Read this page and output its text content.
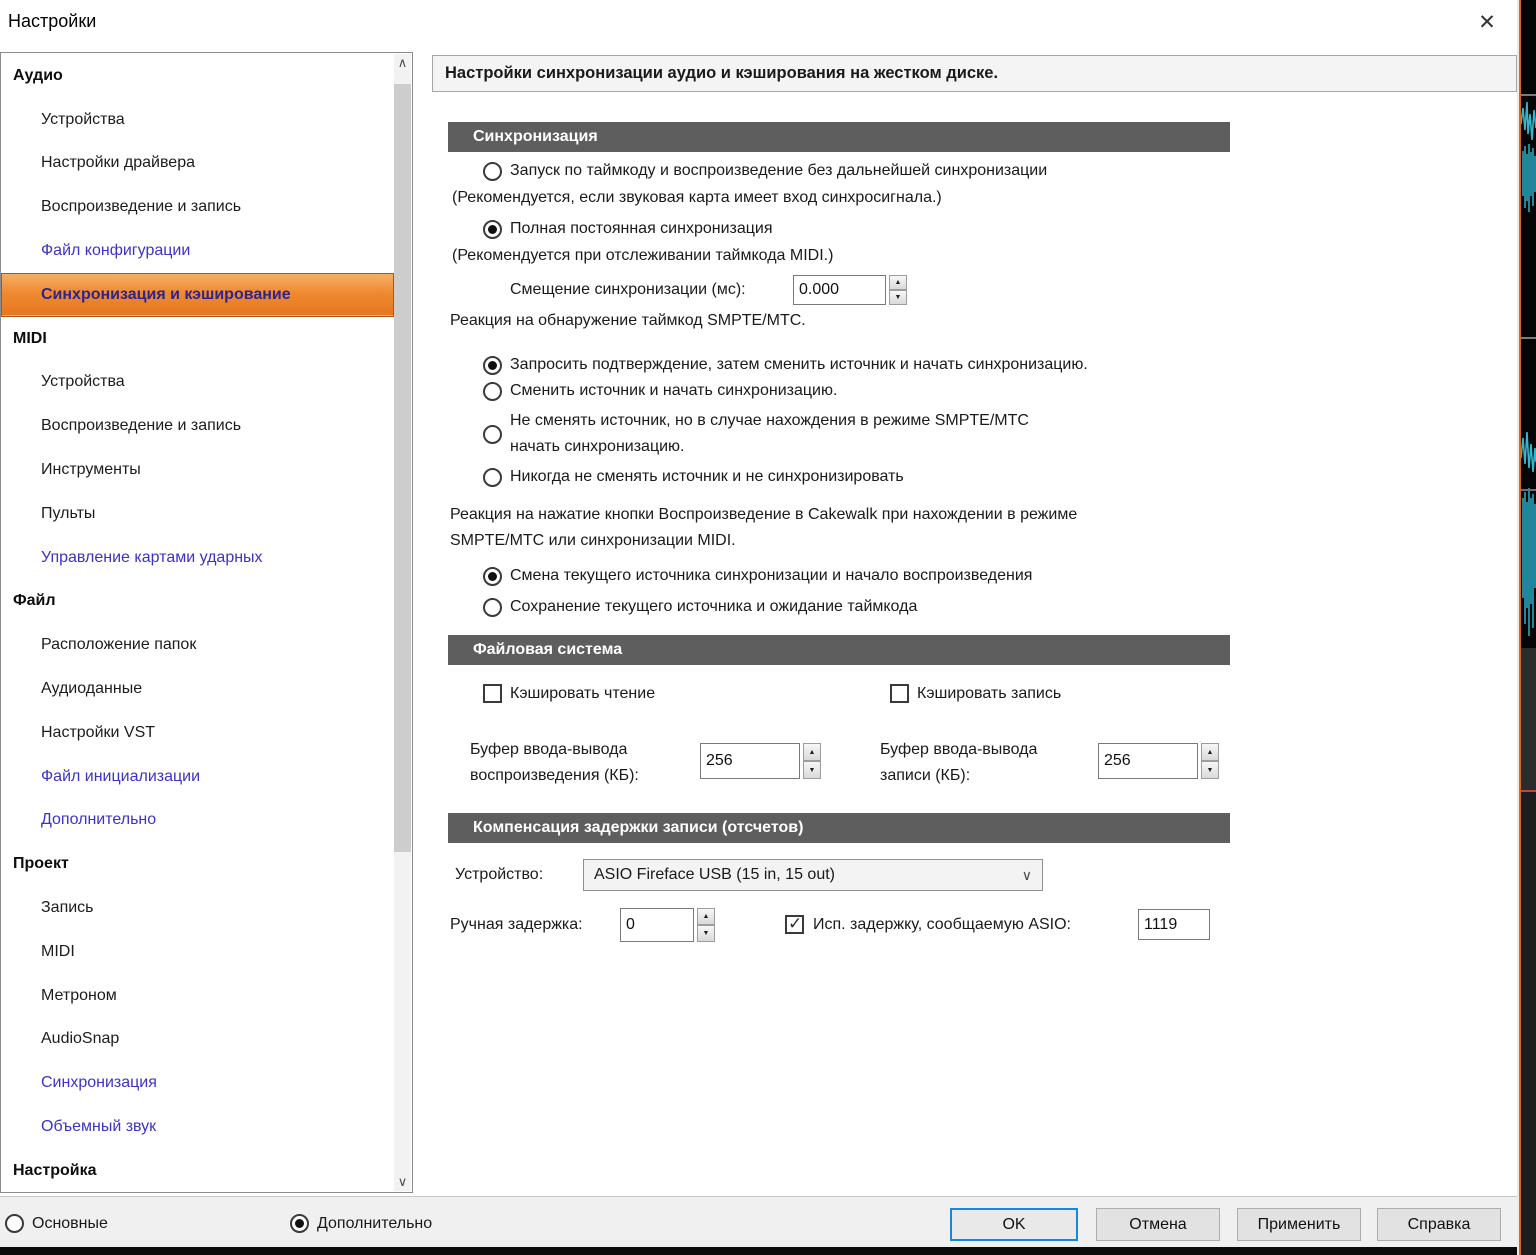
Настройки	✕
Аудио
Устройства
Настройки драйвера
Воспроизведение и запись
Файл конфигурации
Синхронизация и кэширование
MIDI
Устройства
Воспроизведение и запись
Инструменты
Пульты
Управление картами ударных
Файл
Расположение папок
Аудиоданные
Настройки VST
Файл инициализации
Дополнительно
Проект
Запись
MIDI
Метроном
AudioSnap
Синхронизация
Объемный звук
Настройка
∧
∨
Настройки синхронизации аудио и кэширования на жестком диске.
Синхронизация
Запуск по таймкоду и воспроизведение без дальнейшей синхронизации
(Рекомендуется, если звуковая карта имеет вход синхросигнала.)
Полная постоянная синхронизация
(Рекомендуется при отслеживании таймкода MIDI.)
Смещение синхронизации (мс):
0.000	▲
▼
Реакция на обнаружение таймкод SMPTE/MTC.
Запросить подтверждение, затем сменить источник и начать синхронизацию.
Сменить источник и начать синхронизацию.
Не сменять источник, но в случае нахождения в режиме SMPTE/MTC начать синхронизацию.
Никогда не сменять источник и не синхронизировать
Реакция на нажатие кнопки Воспроизведение в Cakewalk при нахождении в режиме SMPTE/MTC или синхронизации MIDI.
Смена текущего источника синхронизации и начало воспроизведения
Сохранение текущего источника и ожидание таймкода
Файловая система
Кэшировать чтение	Кэшировать запись
Буфер ввода-вывода воспроизведения (КБ):
256
▲
▼
Буфер ввода-вывода записи (КБ):
256
▲
▼
Компенсация задержки записи (отсчетов)
Устройство:	ASIO Fireface USB (15 in, 15 out)	∨
Ручная задержка:
0	▲
▼
✓
Исп. задержку, сообщаемую ASIO:
1119
Основные	Дополнительно	OK	Отмена	Применить	Справка
